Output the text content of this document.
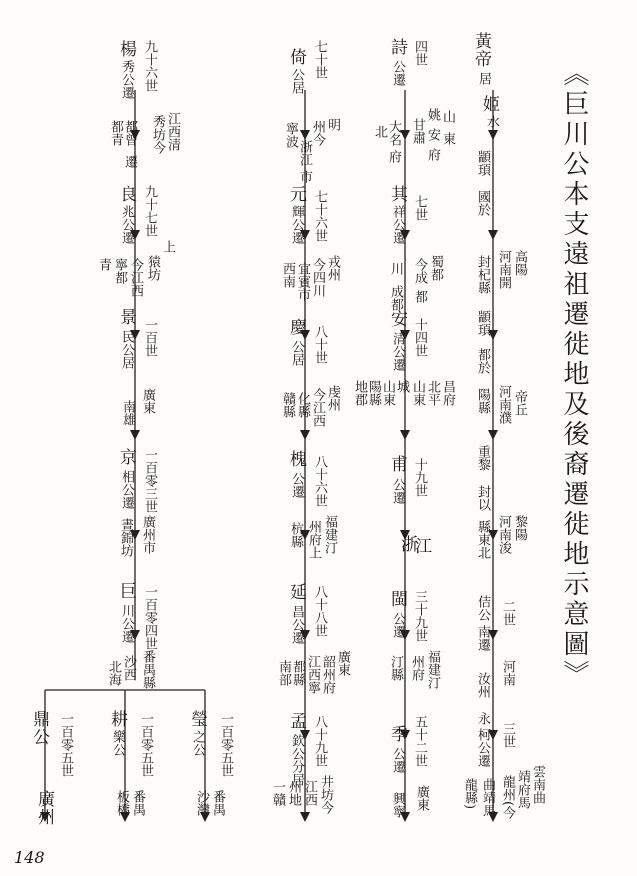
《巨川公本支遠祖遷徙地及後裔遷徙地示意圖》
黃帝
居
姬
水
顓頊
國於
高陽
河南開
封杞縣
顓頊
都於
帝丘
河南濮
陽縣
重黎
封以
黎陽
河南浚
縣東北
二世
佶公
南遷
河南
汝州
三世
永
柯公遷
雲南曲
靖府馬
龍州(今
曲靖馬
龍縣)
四世
詩
公遷
山
東
北 大名
府
姚
安
府
甘肅
七世
其
祥公遷
蜀都
今成
都
川
成都
十四世
安
清公遷
昌府
北平
山東
城
山東
陽縣
地郡
十九世
甫
公遷
浙
江
三十九世
閩
公遷
福建汀
州府
汀縣
五十二世
季
公遷
廣東
興寧
七十世
倚
公居
明
州今
寧波
浙江
市
七十六世
元
輝公遷
戎州
今四川
宜賓市
西南
八十世
慶
公居
虔州
今江西
化縣
贛縣
八十六世
槐
公遷
福建汀
州府上
杭縣
八十八世
延
昌公遷
廣東
韶州府
江西寧
都縣
南部
八十九世
孟
欽公分居
井坊今
江西
州地
一贛
九十六世
楊
秀公遷
江西清
秀坊今
都曾
都青
遷
九十七世
良
兆公遷
上
猿坊
今江西
寧都
青
一百世
景
民公居
廣東
南雄
一百零三世
京
相公遷
廣州市
晝錦坊
一百零四世
巨
川公遷
番禺縣
沙西
北海
一百零五世
鼎公	一百零五世
耕
樂公	一百零五世
瑩
之公
廣州	番禺
板橋	番禺
沙灣
148
